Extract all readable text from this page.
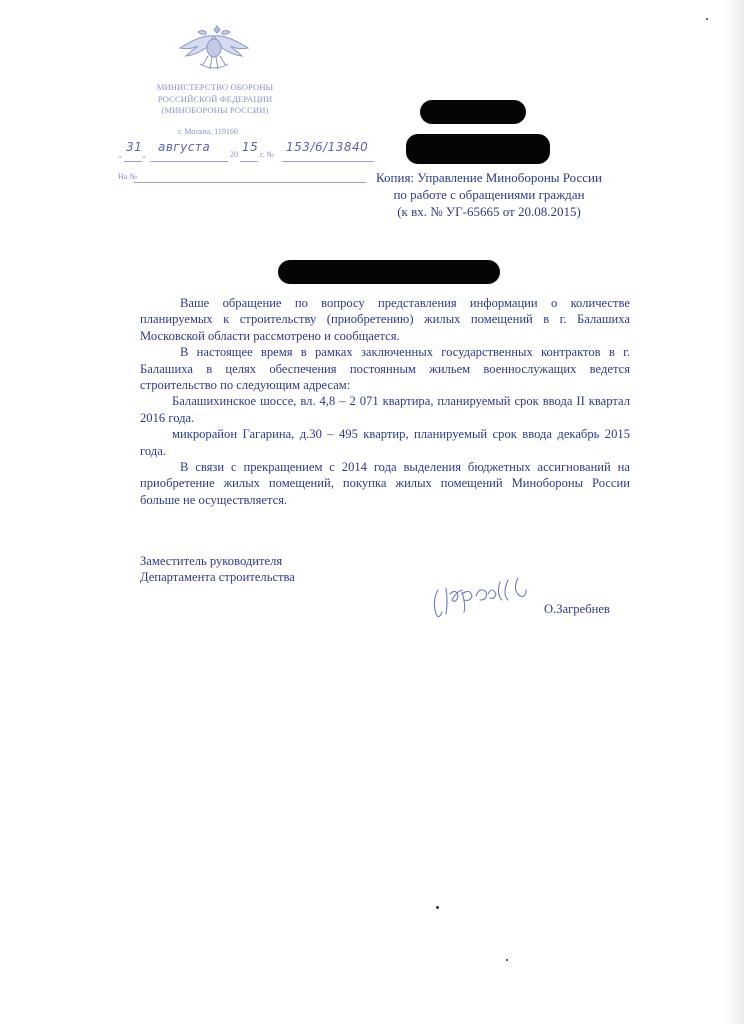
МИНИСТЕРСТВО ОБОРОНЫ
РОССИЙСКОЙ ФЕДЕРАЦИИ
(МИНОБОРОНЫ РОССИИ)
г. Москва, 119160
„
31
„
августа
20
15
г. №
153/6/13840
На №	Копия: Управление Минобороны России
по работе с обращениями граждан
(к вх. № УГ-65665 от 20.08.2015)

Ваше обращение по вопросу представления информации о количестве планируемых к строительству (приобретению) жилых помещений в г. Балашиха Московской области рассмотрено и сообщается.

В настоящее время в рамках заключенных государственных контрактов в г. Балашиха в целях обеспечения постоянным жильем военнослужащих ведется строительство по следующим адресам:

Балашихинское шоссе, вл. 4,8 – 2 071 квартира, планируемый срок ввода II квартал 2016 года.

микрорайон Гагарина, д.30 – 495 квартир, планируемый срок ввода декабрь 2015 года.

В связи с прекращением с 2014 года выделения бюджетных ассигнований на приобретение жилых помещений, покупка жилых помещений Минобороны России больше не осуществляется.

Заместитель руководителя
Департамента строительства
О.Загребнев
